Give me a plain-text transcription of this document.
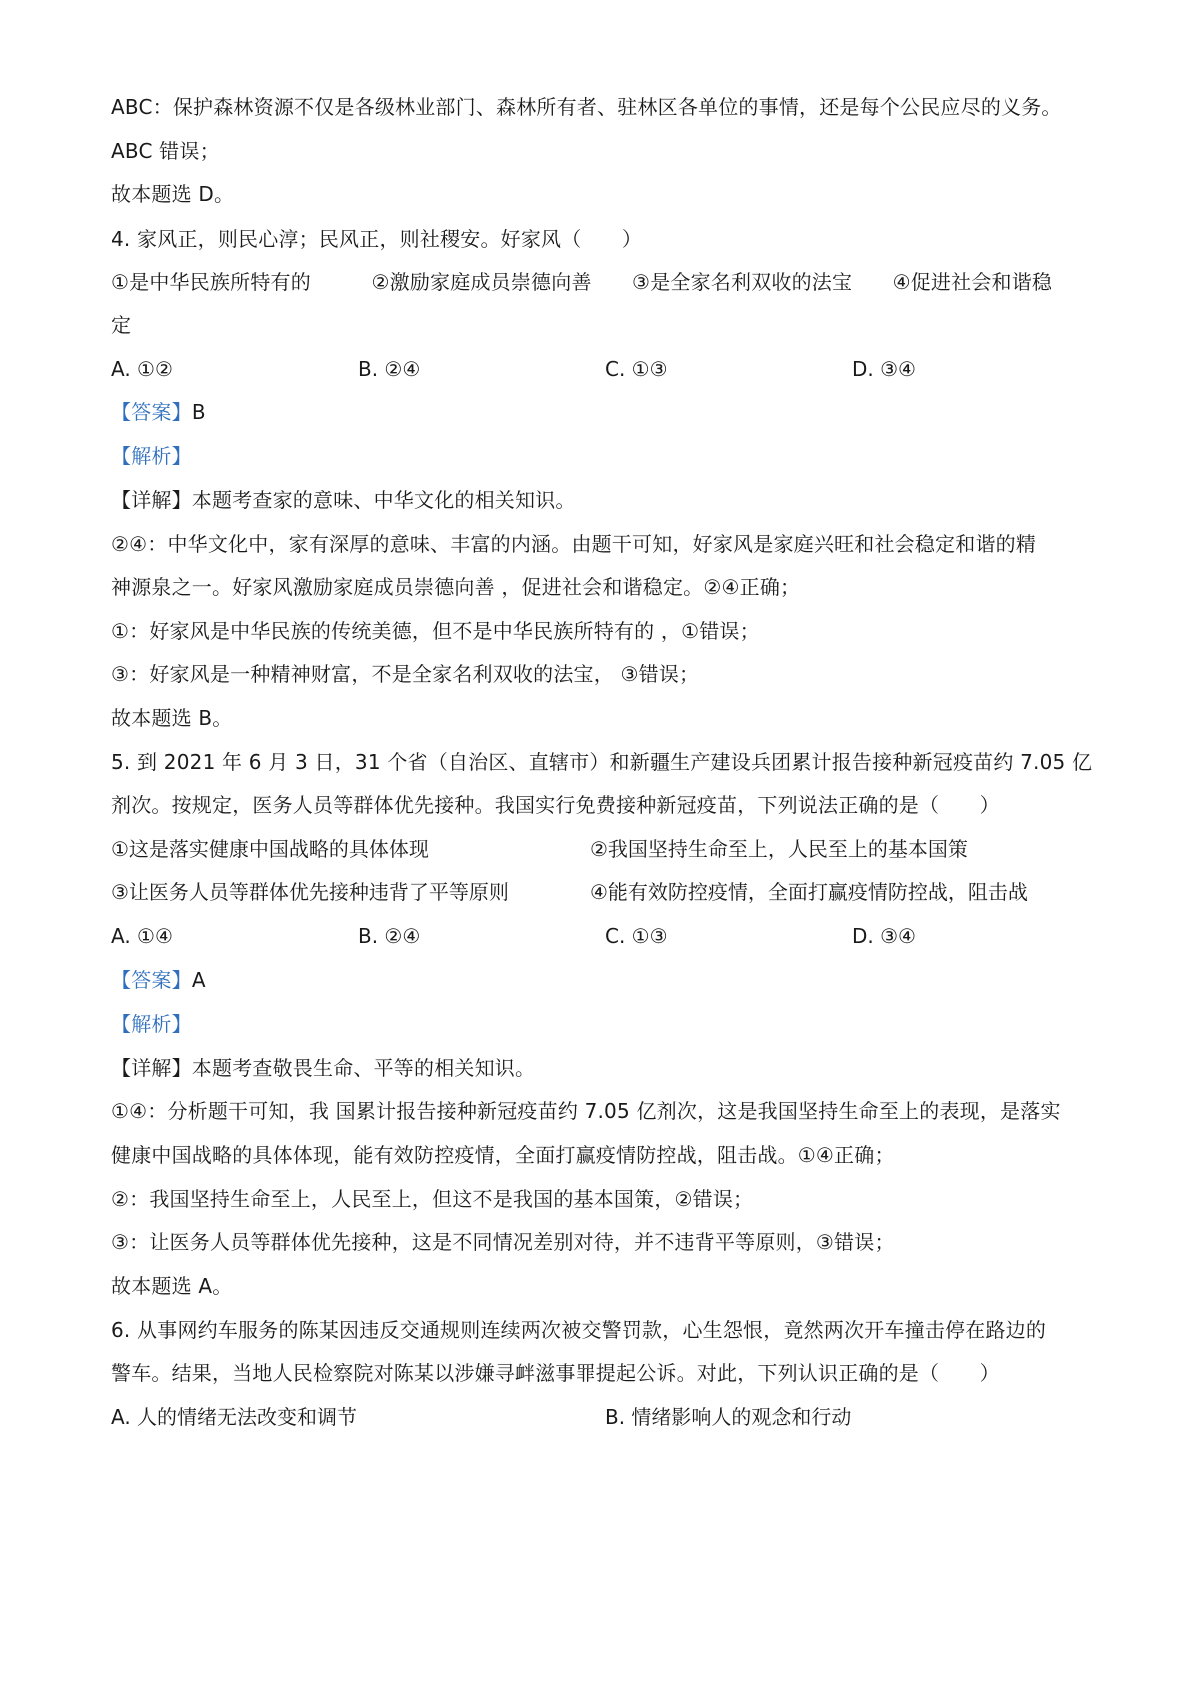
ABC：保护森林资源不仅是各级林业部门、森林所有者、驻林区各单位的事情，还是每个公民应尽的义务。
ABC 错误；
故本题选 D。
4. 家风正，则民心淳；民风正，则社稷安。好家风（　　）
①是中华民族所特有的　　　②激励家庭成员崇德向善　　③是全家名利双收的法宝　　④促进社会和谐稳
定
A. ①②	B. ②④	C. ①③	D. ③④
【答案】B
【解析】
【详解】本题考查家的意味、中华文化的相关知识。
②④：中华文化中，家有深厚的意味、丰富的内涵。由题干可知，好家风是家庭兴旺和社会稳定和谐的精
神源泉之一。好家风激励家庭成员崇德向善 ，促进社会和谐稳定。②④正确；
①：好家风是中华民族的传统美德，但不是中华民族所特有的 ，①错误；
③：好家风是一种精神财富，不是全家名利双收的法宝， ③错误；
故本题选 B。
5. 到 2021 年 6 月 3 日，31 个省（自治区、直辖市）和新疆生产建设兵团累计报告接种新冠疫苗约 7.05 亿
剂次。按规定，医务人员等群体优先接种。我国实行免费接种新冠疫苗，下列说法正确的是（　　）
①这是落实健康中国战略的具体体现	②我国坚持生命至上，人民至上的基本国策
③让医务人员等群体优先接种违背了平等原则	④能有效防控疫情，全面打赢疫情防控战，阻击战
A. ①④	B. ②④	C. ①③	D. ③④
【答案】A
【解析】
【详解】本题考查敬畏生命、平等的相关知识。
①④：分析题干可知，我 国累计报告接种新冠疫苗约 7.05 亿剂次，这是我国坚持生命至上的表现，是落实
健康中国战略的具体体现，能有效防控疫情，全面打赢疫情防控战，阻击战。①④正确；
②：我国坚持生命至上，人民至上，但这不是我国的基本国策，②错误；
③：让医务人员等群体优先接种，这是不同情况差别对待，并不违背平等原则，③错误；
故本题选 A。
6. 从事网约车服务的陈某因违反交通规则连续两次被交警罚款，心生怨恨，竟然两次开车撞击停在路边的
警车。结果，当地人民检察院对陈某以涉嫌寻衅滋事罪提起公诉。对此，下列认识正确的是（　　）
A. 人的情绪无法改变和调节	B. 情绪影响人的观念和行动
